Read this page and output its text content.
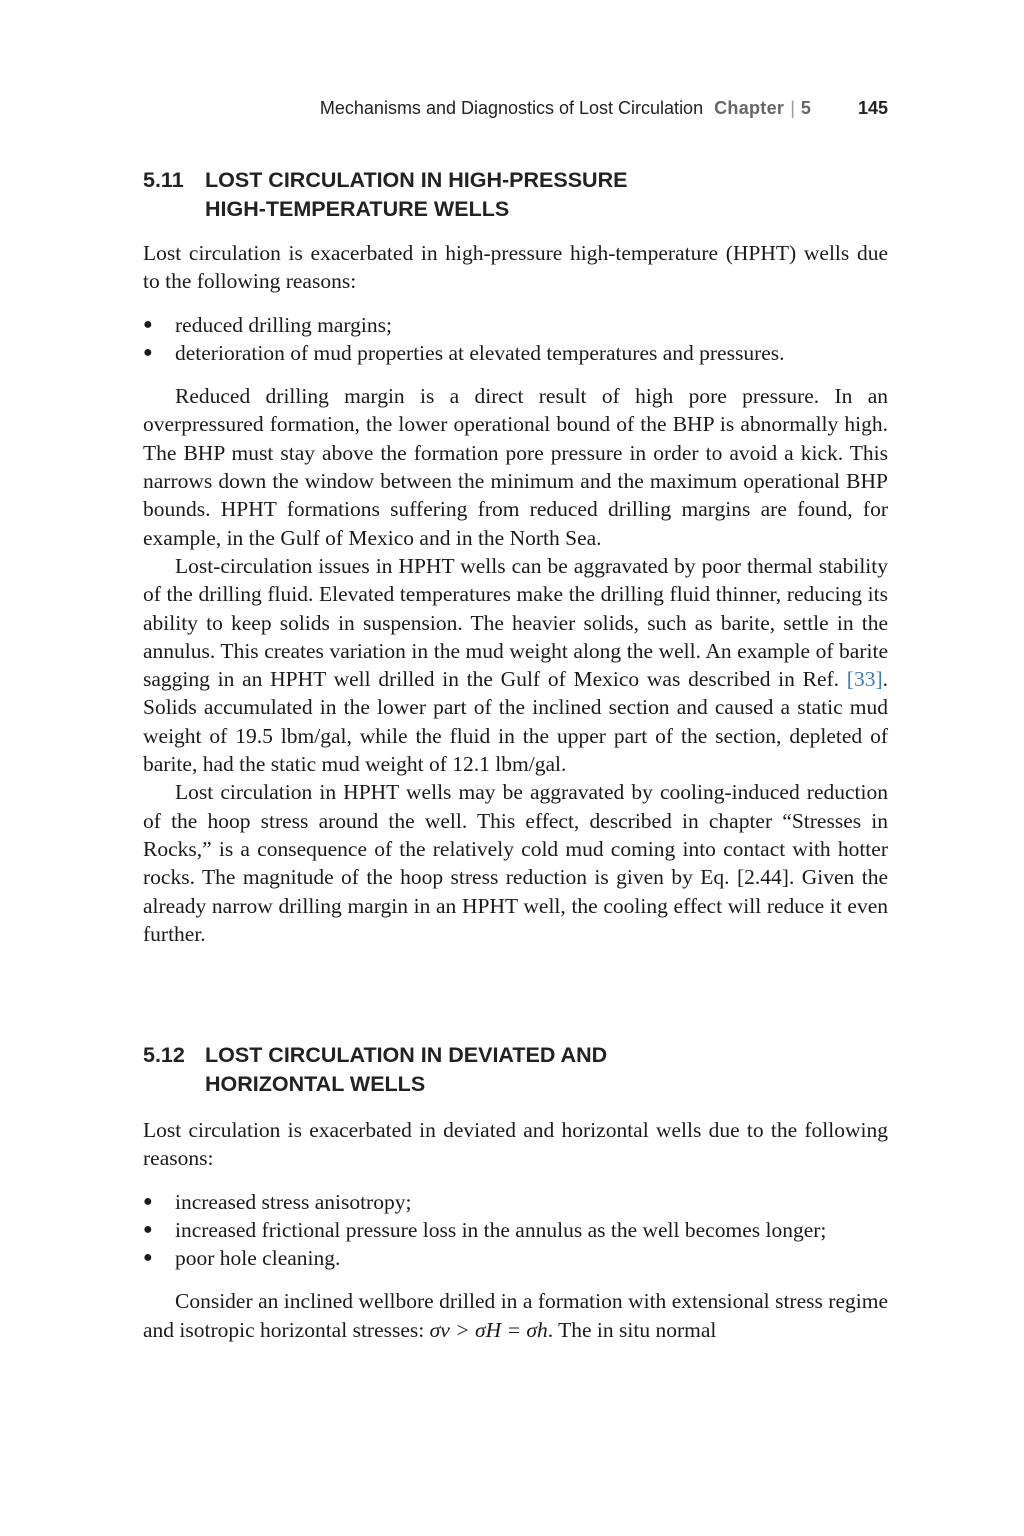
Mechanisms and Diagnostics of Lost Circulation Chapter | 5	145
5.11 LOST CIRCULATION IN HIGH-PRESSURE
HIGH-TEMPERATURE WELLS

Lost circulation is exacerbated in high-pressure high-temperature (HPHT) wells due to the following reasons:

● reduced drilling margins;
● deterioration of mud properties at elevated temperatures and pressures.

Reduced drilling margin is a direct result of high pore pressure. In an overpressured formation, the lower operational bound of the BHP is abnormally high. The BHP must stay above the formation pore pressure in order to avoid a kick. This narrows down the window between the minimum and the maximum operational BHP bounds. HPHT formations suffering from reduced drilling margins are found, for example, in the Gulf of Mexico and in the North Sea.

Lost-circulation issues in HPHT wells can be aggravated by poor thermal stability of the drilling fluid. Elevated temperatures make the drilling fluid thinner, reducing its ability to keep solids in suspension. The heavier solids, such as barite, settle in the annulus. This creates variation in the mud weight along the well. An example of barite sagging in an HPHT well drilled in the Gulf of Mexico was described in Ref. [33]. Solids accumulated in the lower part of the inclined section and caused a static mud weight of 19.5 lbm/gal, while the fluid in the upper part of the section, depleted of barite, had the static mud weight of 12.1 lbm/gal.

Lost circulation in HPHT wells may be aggravated by cooling-induced reduction of the hoop stress around the well. This effect, described in chapter “Stresses in Rocks,” is a consequence of the relatively cold mud coming into contact with hotter rocks. The magnitude of the hoop stress reduction is given by Eq. [2.44]. Given the already narrow drilling margin in an HPHT well, the cooling effect will reduce it even further.

5.12 LOST CIRCULATION IN DEVIATED AND
HORIZONTAL WELLS

Lost circulation is exacerbated in deviated and horizontal wells due to the following reasons:

● increased stress anisotropy;
● increased frictional pressure loss in the annulus as the well becomes longer;
● poor hole cleaning.

Consider an inclined wellbore drilled in a formation with extensional stress regime and isotropic horizontal stresses: σv > σH = σh. The in situ normal
